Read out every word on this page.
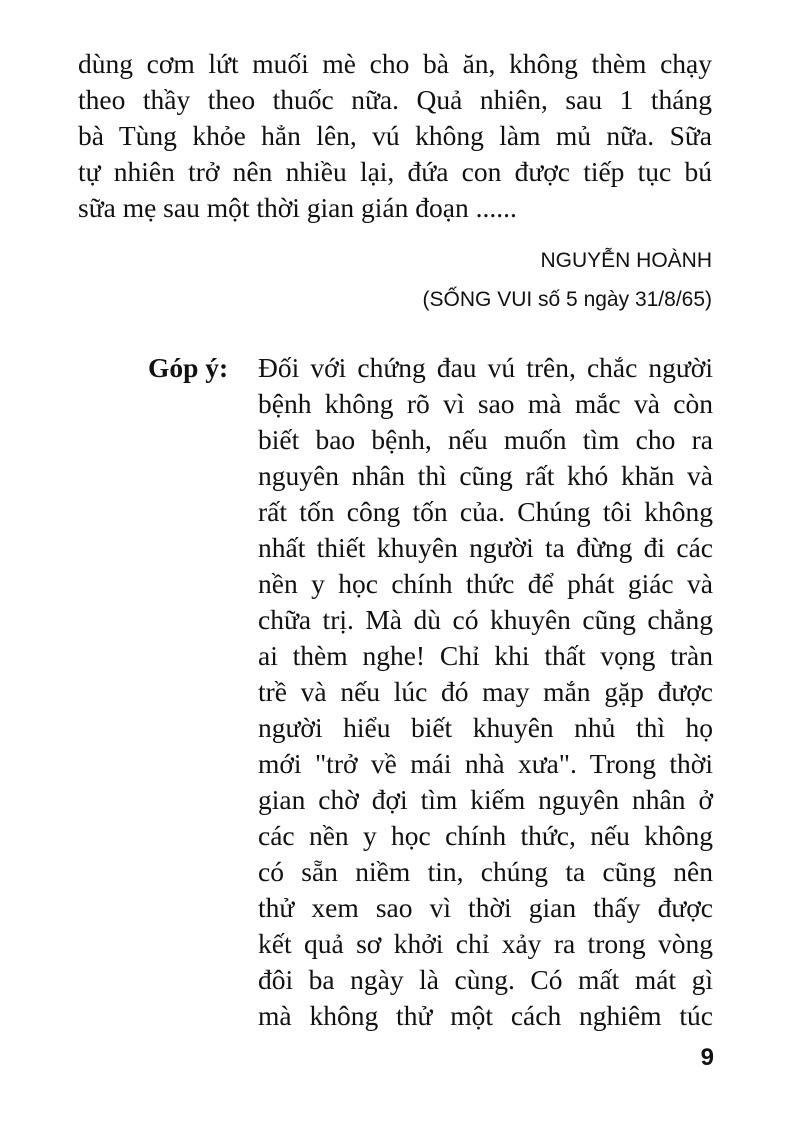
dùng cơm lứt muối mè cho bà ăn, không thèm chạy
theo thầy theo thuốc nữa. Quả nhiên, sau 1 tháng
bà Tùng khỏe hẳn lên, vú không làm mủ nữa. Sữa
tự nhiên trở nên nhiều lại, đứa con được tiếp tục bú
sữa mẹ sau một thời gian gián đoạn ......
NGUYỄN HOÀNH
(SỐNG VUI số 5 ngày 31/8/65)
Góp ý: Đối với chứng đau vú trên, chắc người
bệnh không rõ vì sao mà mắc và còn
biết bao bệnh, nếu muốn tìm cho ra
nguyên nhân thì cũng rất khó khăn và
rất tốn công tốn của. Chúng tôi không
nhất thiết khuyên người ta đừng đi các
nền y học chính thức để phát giác và
chữa trị. Mà dù có khuyên cũng chẳng
ai thèm nghe! Chỉ khi thất vọng tràn
trề và nếu lúc đó may mắn gặp được
người hiểu biết khuyên nhủ thì họ
mới "trở về mái nhà xưa". Trong thời
gian chờ đợi tìm kiếm nguyên nhân ở
các nền y học chính thức, nếu không
có sẵn niềm tin, chúng ta cũng nên
thử xem sao vì thời gian thấy được
kết quả sơ khởi chỉ xảy ra trong vòng
đôi ba ngày là cùng. Có mất mát gì
mà không thử một cách nghiêm túc
9
